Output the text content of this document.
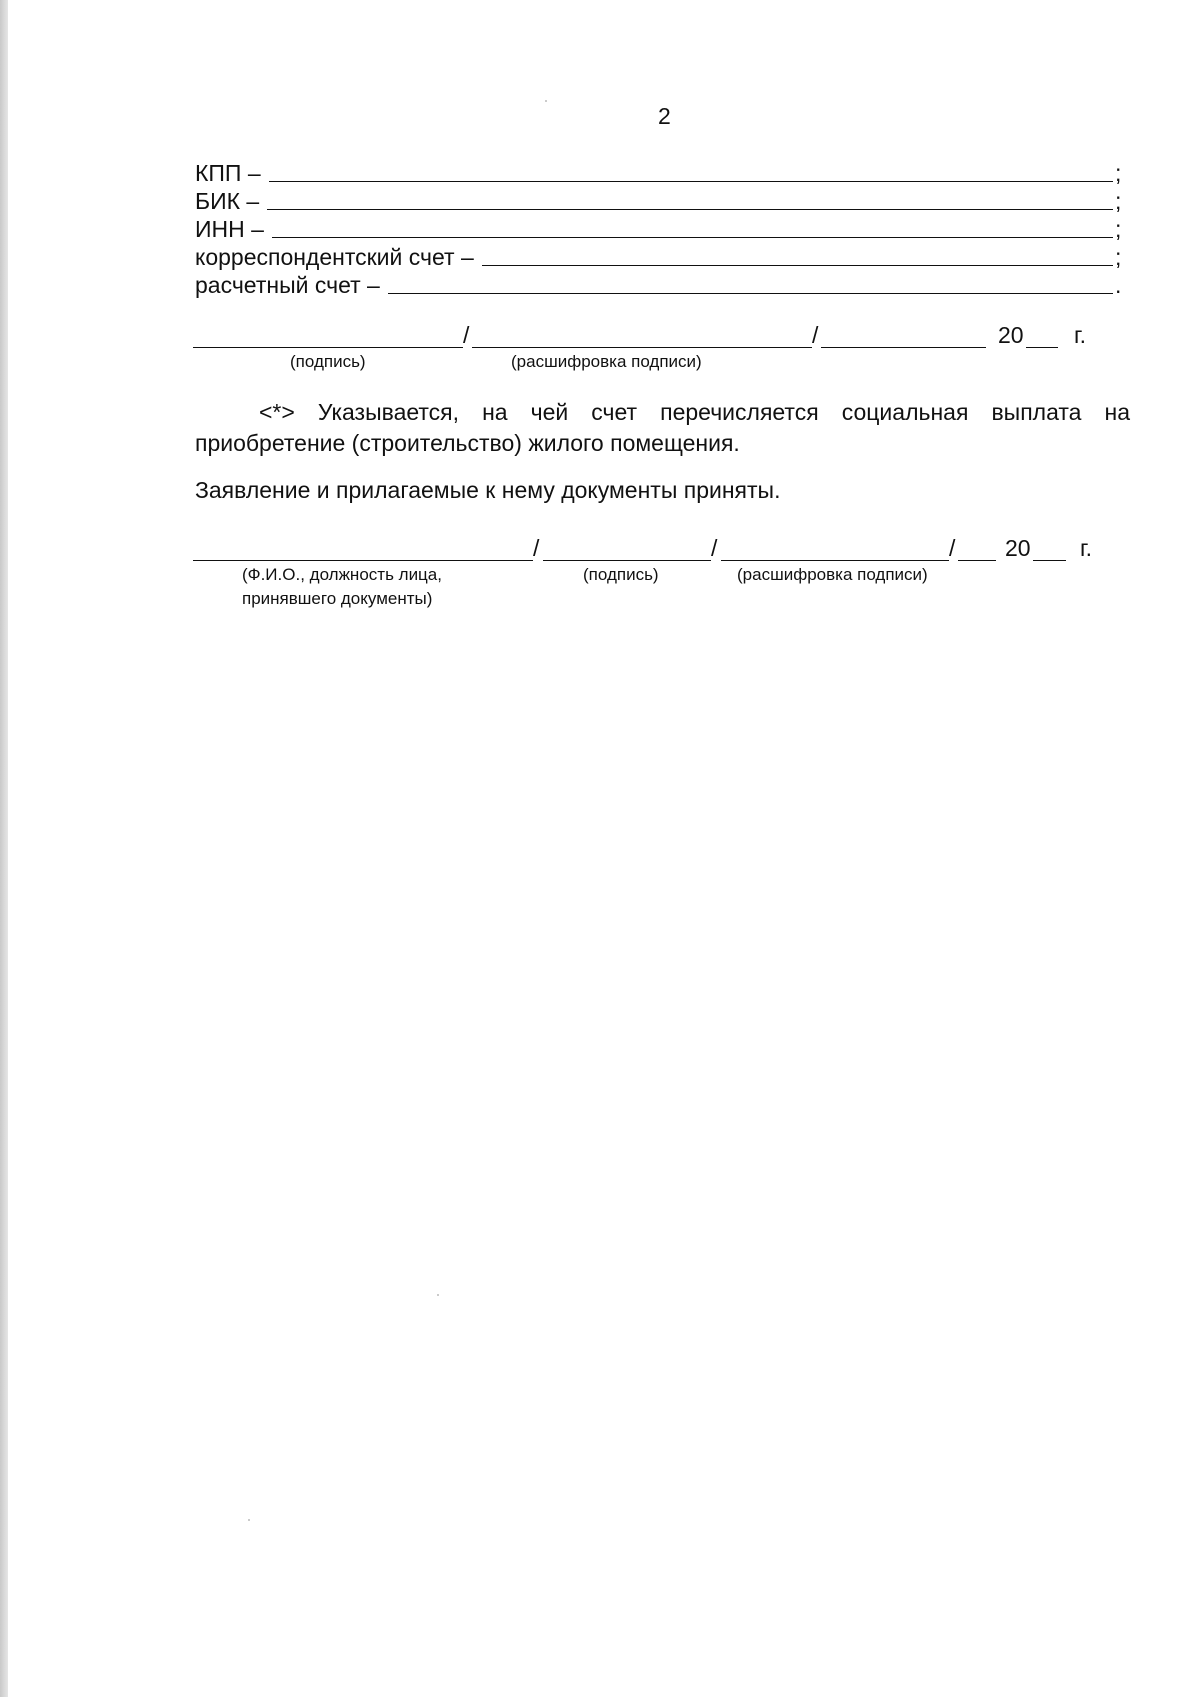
2
КПП –	;
БИК –	;
ИНН –	;
корреспондентский счет –	;
расчетный счет –	.
/	/	20 г.
(подпись)	(расшифровка подписи)
<*> Указывается, на чей счет перечисляется социальная выплата на приобретение (строительство) жилого помещения.
Заявление и прилагаемые к нему документы приняты.
/	/	/ 20 г.
(Ф.И.О., должность лица,
принявшего документы)
(подпись)	(расшифровка подписи)
